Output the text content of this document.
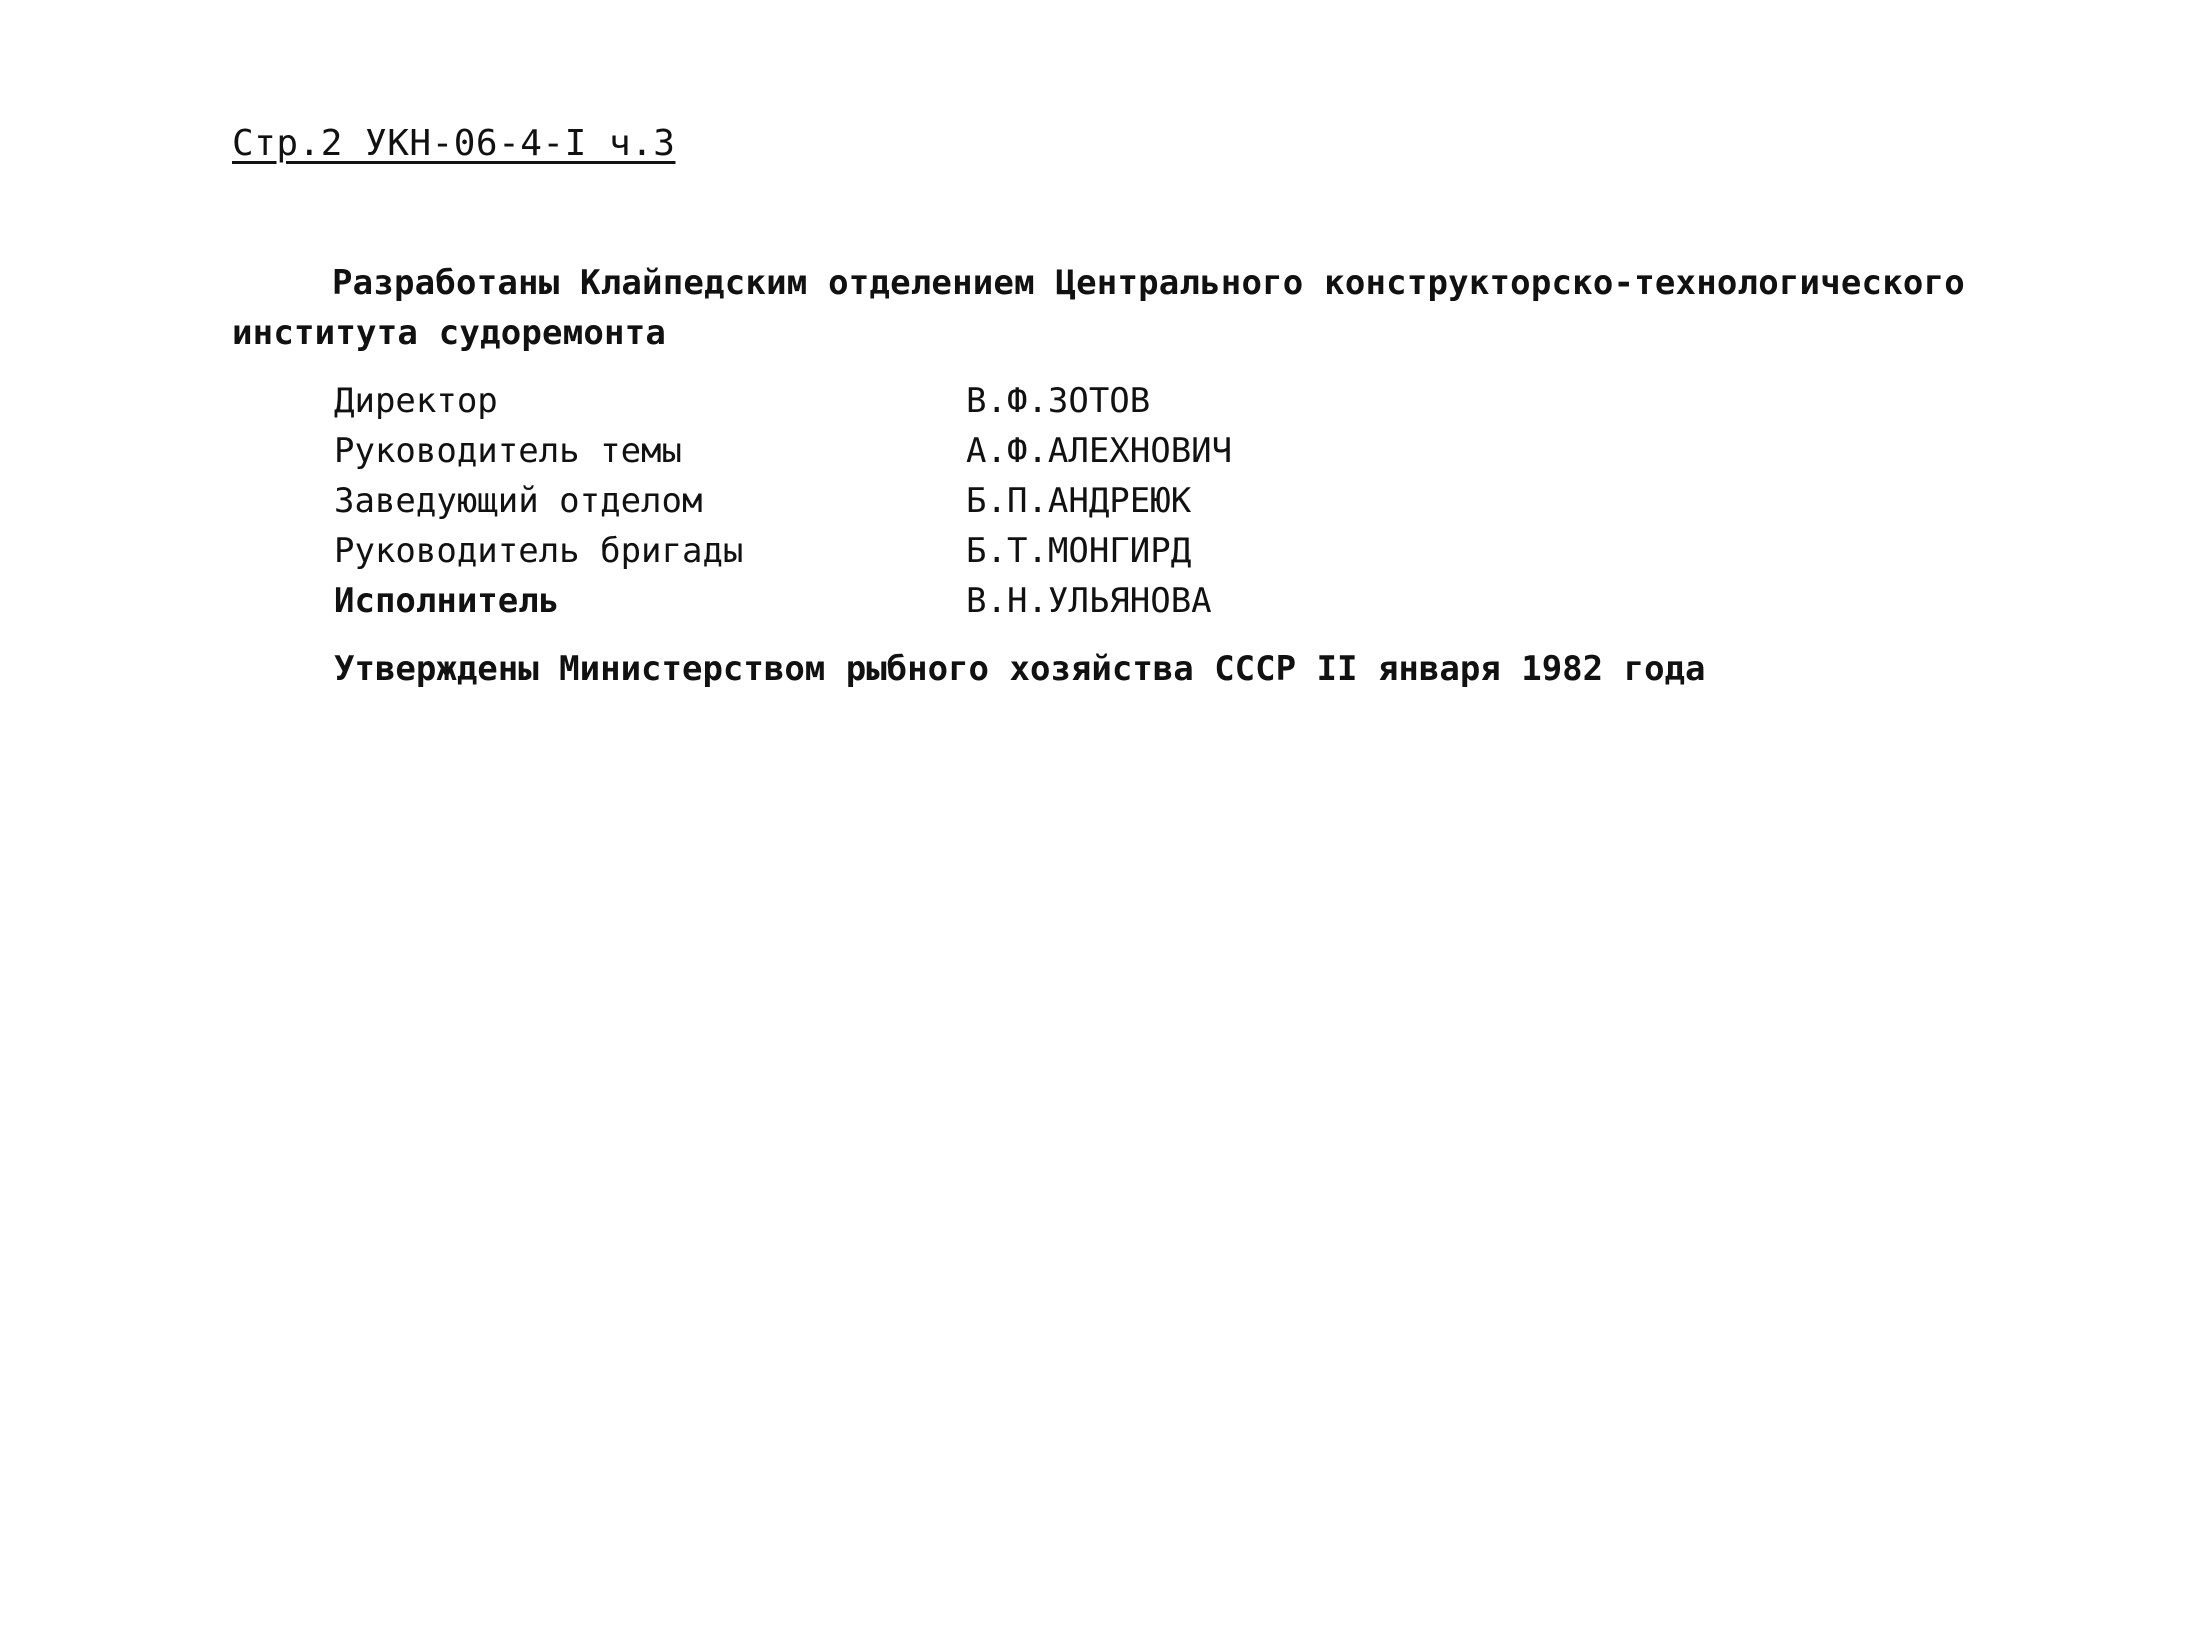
Стр.2 УКН-06-4-I ч.3
Разработаны Клайпедским отделением Центрального конструкторско-технологического института судоремонта
Директор	В.Ф.ЗОТОВ
Руководитель темы	А.Ф.АЛЕХНОВИЧ
Заведующий отделом	Б.П.АНДРЕЮК
Руководитель бригады	Б.Т.МОНГИРД
Исполнитель	В.Н.УЛЬЯНОВА
Утверждены Министерством рыбного хозяйства СССР II января 1982 года
